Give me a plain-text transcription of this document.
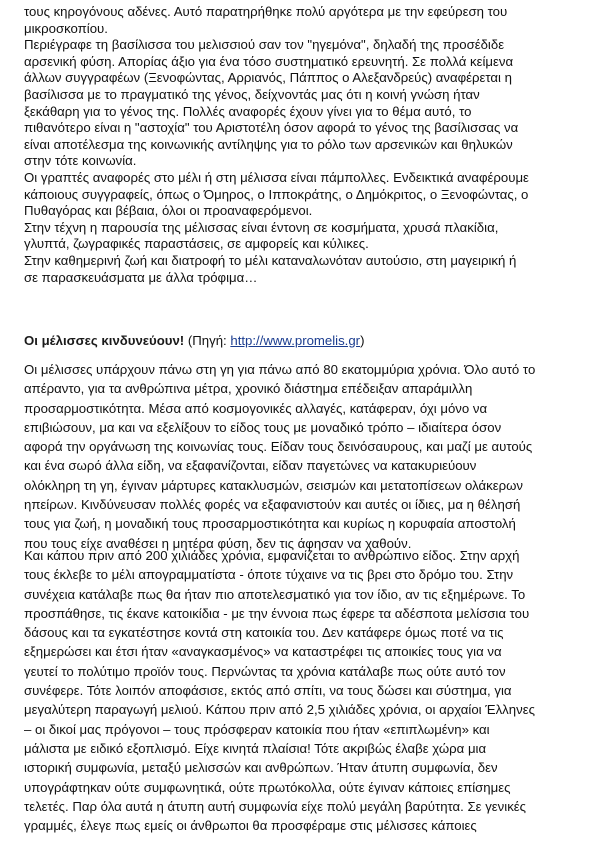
τους κηρογόνους αδένες. Αυτό παρατηρήθηκε πολύ αργότερα με την εφεύρεση του
μικροσκοπίου.
Περιέγραφε τη βασίλισσα του μελισσιού σαν τον "ηγεμόνα", δηλαδή της προσέδιδε
αρσενική φύση. Απορίας άξιο για ένα τόσο συστηματικό ερευνητή. Σε πολλά κείμενα
άλλων συγγραφέων (Ξενοφώντας, Αρριανός, Πάππος ο Αλεξανδρεύς) αναφέρεται η
βασίλισσα με το πραγματικό της γένος, δείχνοντάς μας ότι η κοινή γνώση ήταν
ξεκάθαρη για το γένος της. Πολλές αναφορές έχουν γίνει για το θέμα αυτό, το
πιθανότερο είναι η "αστοχία" του Αριστοτέλη όσον αφορά το γένος της βασίλισσας να
είναι αποτέλεσμα της κοινωνικής αντίληψης για το ρόλο των αρσενικών και θηλυκών
στην τότε κοινωνία.
Οι γραπτές αναφορές στο μέλι ή στη μέλισσα είναι πάμπολλες. Ενδεικτικά αναφέρουμε
κάποιους συγγραφείς, όπως ο Όμηρος, ο Ιπποκράτης, ο Δημόκριτος, ο Ξενοφώντας, ο
Πυθαγόρας και βέβαια, όλοι οι προαναφερόμενοι.
Στην τέχνη η παρουσία της μέλισσας είναι έντονη σε κοσμήματα, χρυσά πλακίδια,
γλυπτά, ζωγραφικές παραστάσεις, σε αμφορείς και κύλικες.
Στην καθημερινή ζωή και διατροφή το μέλι καταναλωνόταν αυτούσιο, στη μαγειρική ή
σε παρασκευάσματα με άλλα τρόφιμα…
Οι μέλισσες κινδυνεύουν! (Πηγή: http://www.promelis.gr)
Οι μέλισσες υπάρχουν πάνω στη γη για πάνω από 80 εκατομμύρια χρόνια. Όλο αυτό το
απέραντο, για τα ανθρώπινα μέτρα, χρονικό διάστημα επέδειξαν απαράμιλλη
προσαρμοστικότητα. Μέσα από κοσμογονικές αλλαγές, κατάφεραν, όχι μόνο να
επιβιώσουν, μα και να εξελίξουν το είδος τους με μοναδικό τρόπο – ιδιαίτερα όσον
αφορά την οργάνωση της κοινωνίας τους. Είδαν τους δεινόσαυρους, και μαζί με αυτούς
και ένα σωρό άλλα είδη, να εξαφανίζονται, είδαν παγετώνες να κατακυριεύουν
ολόκληρη τη γη, έγιναν μάρτυρες κατακλυσμών, σεισμών και μετατοπίσεων ολάκερων
ηπείρων. Κινδύνευσαν πολλές φορές να εξαφανιστούν και αυτές οι ίδιες, μα η θέλησή
τους για ζωή, η μοναδική τους προσαρμοστικότητα και κυρίως η κορυφαία αποστολή
που τους είχε αναθέσει η μητέρα φύση, δεν τις άφησαν να χαθούν.
Και κάπου πριν από 200 χιλιάδες χρόνια, εμφανίζεται το ανθρώπινο είδος. Στην αρχή
τους έκλεβε το μέλι απογραμματίστα - όποτε τύχαινε να τις βρει στο δρόμο του. Στην
συνέχεια κατάλαβε πως θα ήταν πιο αποτελεσματικό για τον ίδιο, αν τις εξημέρωνε. Το
προσπάθησε, τις έκανε κατοικίδια - με την έννοια πως έφερε τα αδέσποτα μελίσσια του
δάσους και τα εγκατέστησε κοντά στη κατοικία του. Δεν κατάφερε όμως ποτέ να τις
εξημερώσει και έτσι ήταν «αναγκασμένος» να καταστρέφει τις αποικίες τους για να
γευτεί το πολύτιμο προϊόν τους. Περνώντας τα χρόνια κατάλαβε πως ούτε αυτό τον
συνέφερε. Τότε λοιπόν αποφάσισε, εκτός από σπίτι, να τους δώσει και σύστημα, για
μεγαλύτερη παραγωγή μελιού. Κάπου πριν από 2,5 χιλιάδες χρόνια, οι αρχαίοι Έλληνες
– οι δικοί μας πρόγονοι – τους πρόσφεραν κατοικία που ήταν «επιπλωμένη» και
μάλιστα με ειδικό εξοπλισμό. Είχε κινητά πλαίσια! Τότε ακριβώς έλαβε χώρα μια
ιστορική συμφωνία, μεταξύ μελισσών και ανθρώπων. Ήταν άτυπη συμφωνία, δεν
υπογράφτηκαν ούτε συμφωνητικά, ούτε πρωτόκολλα, ούτε έγιναν κάποιες επίσημες
τελετές. Παρ όλα αυτά η άτυπη αυτή συμφωνία είχε πολύ μεγάλη βαρύτητα. Σε γενικές
γραμμές, έλεγε πως εμείς οι άνθρωποι θα προσφέραμε στις μέλισσες κάποιες
